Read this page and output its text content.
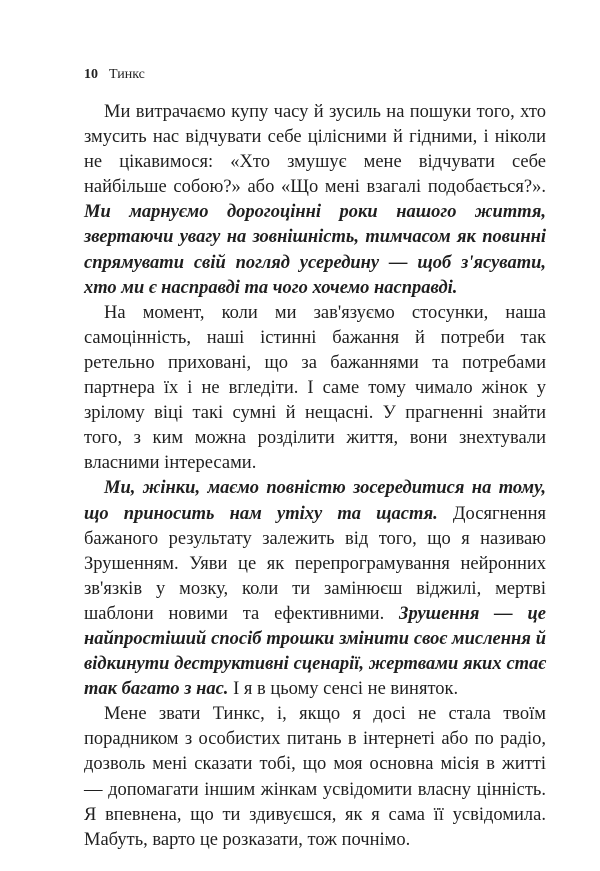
10 Тинкс

Ми витрачаємо купу часу й зусиль на пошуки того, хто змусить нас відчувати себе цілісними й гідними, і ніколи не цікавимося: «Хто змушує мене відчувати себе найбільше собою?» або «Що мені взагалі подобається?». Ми марнуємо дорогоцінні роки нашого життя, звертаючи увагу на зовнішність, тимчасом як повинні спрямувати свій погляд усередину — щоб з'ясувати, хто ми є насправді та чого хочемо насправді.

На момент, коли ми зав'язуємо стосунки, наша самоцінність, наші істинні бажання й потреби так ретельно приховані, що за бажаннями та потребами партнера їх і не вгледіти. І саме тому чимало жінок у зрілому віці такі сумні й нещасні. У прагненні знайти того, з ким можна розділити життя, вони знехтували власними інтересами.

Ми, жінки, маємо повністю зосередитися на тому, що приносить нам утіху та щастя. Досягнення бажаного результату залежить від того, що я називаю Зрушенням. Уяви це як перепрограмування нейронних зв'язків у мозку, коли ти замінюєш віджилі, мертві шаблони новими та ефективними. Зрушення — це найпростіший спосіб трошки змінити своє мислення й відкинути деструктивні сценарії, жертвами яких стає так багато з нас. І я в цьому сенсі не виняток.

Мене звати Тинкс, і, якщо я досі не стала твоїм порадником з особистих питань в інтернеті або по радіо, дозволь мені сказати тобі, що моя основна місія в житті — допомагати іншим жінкам усвідомити власну цінність. Я впевнена, що ти здивуєшся, як я сама її усвідомила. Мабуть, варто це розказати, тож почнімо.
